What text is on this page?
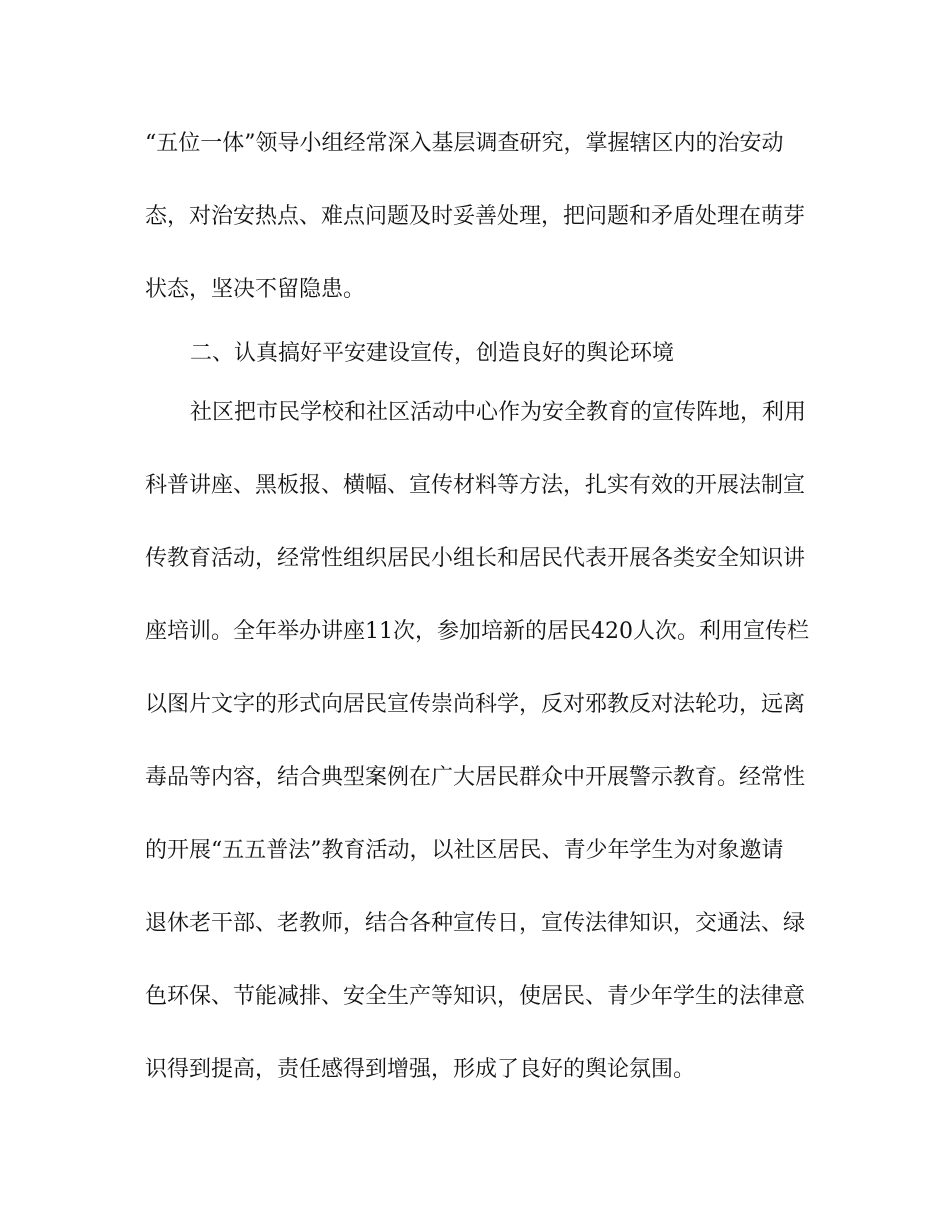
“五位一体”领导小组经常深入基层调查研究，掌握辖区内的治安动
态，对治安热点、难点问题及时妥善处理，把问题和矛盾处理在萌芽
状态，坚决不留隐患。
二、认真搞好平安建设宣传，创造良好的舆论环境
社区把市民学校和社区活动中心作为安全教育的宣传阵地，利用
科普讲座、黑板报、横幅、宣传材料等方法，扎实有效的开展法制宣
传教育活动，经常性组织居民小组长和居民代表开展各类安全知识讲
座培训。全年举办讲座11次，参加培新的居民420人次。利用宣传栏
以图片文字的形式向居民宣传崇尚科学，反对邪教反对法轮功，远离
毒品等内容，结合典型案例在广大居民群众中开展警示教育。经常性
的开展“五五普法”教育活动，以社区居民、青少年学生为对象邀请
退休老干部、老教师，结合各种宣传日，宣传法律知识，交通法、绿
色环保、节能减排、安全生产等知识，使居民、青少年学生的法律意
识得到提高，责任感得到增强，形成了良好的舆论氛围。
